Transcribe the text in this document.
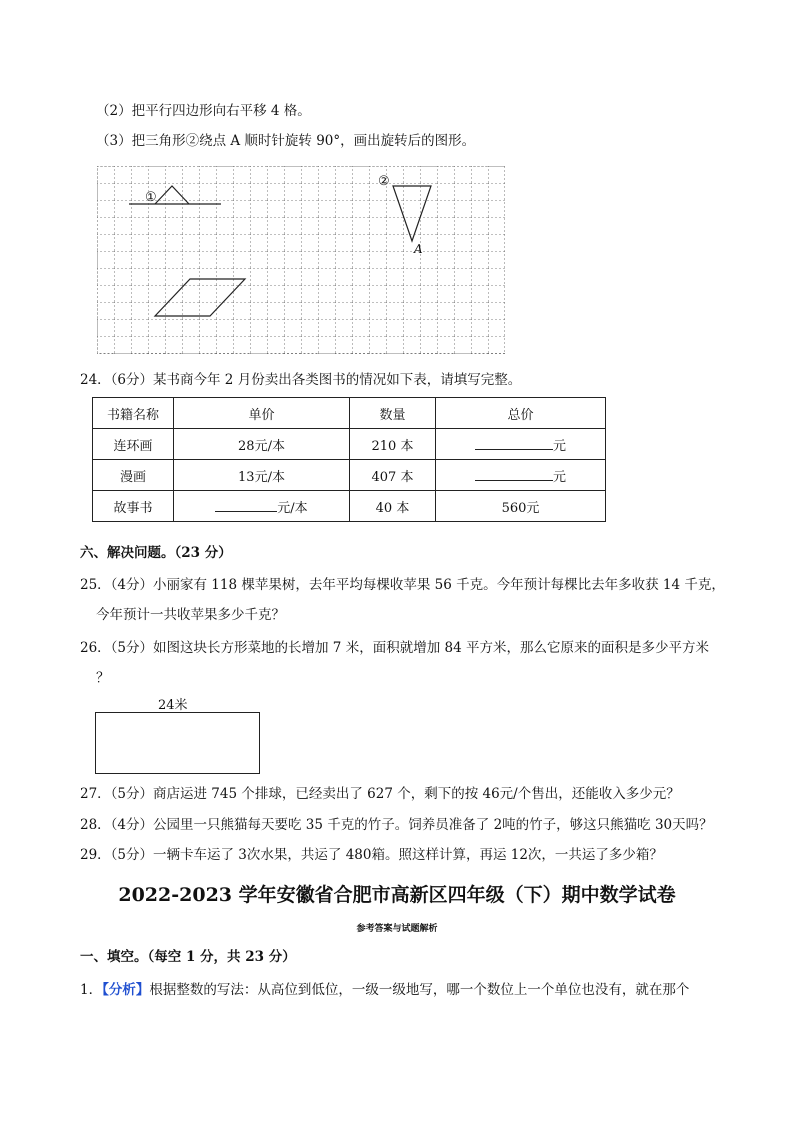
（2）把平行四边形向右平移 4 格。
（3）把三角形②绕点 A 顺时针旋转 90°，画出旋转后的图形。
①
②
A
24．（6分）某书商今年 2 月份卖出各类图书的情况如下表，请填写完整。
书籍名称	单价	数量	总价
连环画	28元/本	210 本	元
漫画	13元/本	407 本	元
故事书	元/本	40 本	560元
六、解决问题。（23 分）
25．（4分）小丽家有 118 棵苹果树，去年平均每棵收苹果 56 千克。今年预计每棵比去年多收获 14 千克，
今年预计一共收苹果多少千克？
26．（5分）如图这块长方形菜地的长增加 7 米，面积就增加 84 平方米，那么它原来的面积是多少平方米
？
24米
27．（5分）商店运进 745 个排球，已经卖出了 627 个，剩下的按 46元/个售出，还能收入多少元？
28．（4分）公园里一只熊猫每天要吃 35 千克的竹子。饲养员准备了 2吨的竹子，够这只熊猫吃 30天吗？
29．（5分）一辆卡车运了 3次水果，共运了 480箱。照这样计算，再运 12次，一共运了多少箱？
2022-2023 学年安徽省合肥市高新区四年级（下）期中数学试卷
参考答案与试题解析
一、填空。（每空 1 分，共 23 分）
1．【分析】根据整数的写法：从高位到低位，一级一级地写，哪一个数位上一个单位也没有，就在那个
